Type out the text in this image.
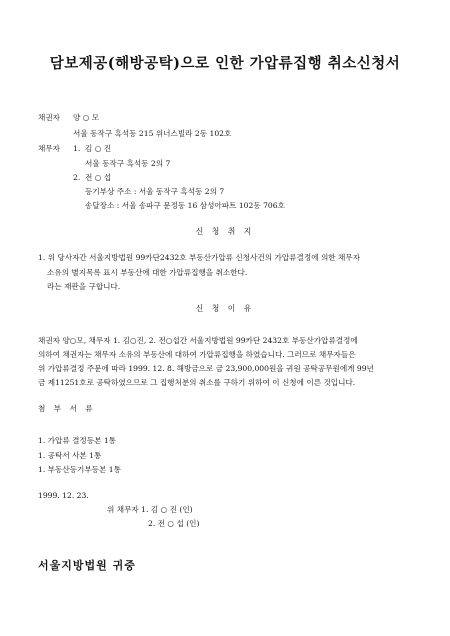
담보제공(해방공탁)으로 인한 가압류집행 취소신청서
채권자 양 ○ 모
서울 동작구 흑석동 215 위너스빌라 2동 102호
채무자 1. 김 ○ 진
서울 동작구 흑석동 2의 7
2. 전 ○ 섭
등기부상 주소 : 서울 동작구 흑석동 2의 7
송달장소 : 서울 송파구 문정동 16 삼성아파트 102동 706호
신 청 취 지
1. 위 당사자간 서울지방법원 99카단2432호 부동산가압류 신청사건의 가압류결정에 의한 채무자
소유의 별지목록 표시 부동산에 대한 가압류집행을 취소한다.
라는 재판을 구합니다.
신 청 이 유
채권자 양○모, 채무자 1. 김○진, 2. 전○섭간 서울지방법원 99카단 2432호 부동산가압류결정에
의하여 채권자는 채무자 소유의 부동산에 대하여 가압류집행을 하였습니다. 그러므로 채무자들은
위 가압류결정 주문에 따라 1999. 12. 8. 해방금으로 금 23,900,000원을 귀원 공탁공무원에게 99년
금 제11251호로 공탁하였으므로 그 집행처분의 취소를 구하기 위하여 이 신청에 이른 것입니다.
첨 부 서 류
1. 가압류 결정등본 1통
1. 공탁서 사본 1통
1. 부동산등기부등본 1통
1999. 12. 23.
위 채무자 1. 김 ○ 진 (인)
2. 전 ○ 섭 (인)
서울지방법원 귀중
